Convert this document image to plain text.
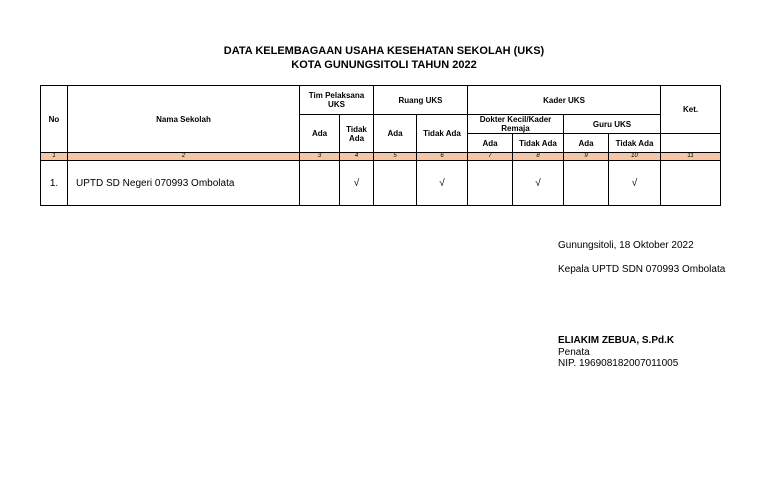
DATA KELEMBAGAAN USAHA KESEHATAN SEKOLAH (UKS)
KOTA GUNUNGSITOLI TAHUN 2022
No	Nama Sekolah	Tim Pelaksana UKS		Ruang UKS		Kader UKS				Ket.
		Ada	Tidak Ada	Ada	Tidak Ada	Dokter Kecil/Kader Remaja		Guru UKS		
						Ada	Tidak Ada	Ada	Tidak Ada	
1	2	3	4	5	6	7	8	9	10	11
1.	UPTD SD Negeri 070993 Ombolata		√		√		√		√	
Gunungsitoli, 18 Oktober 2022
Kepala UPTD SDN 070993 Ombolata
ELIAKIM ZEBUA, S.Pd.K
Penata
NIP. 196908182007011005
